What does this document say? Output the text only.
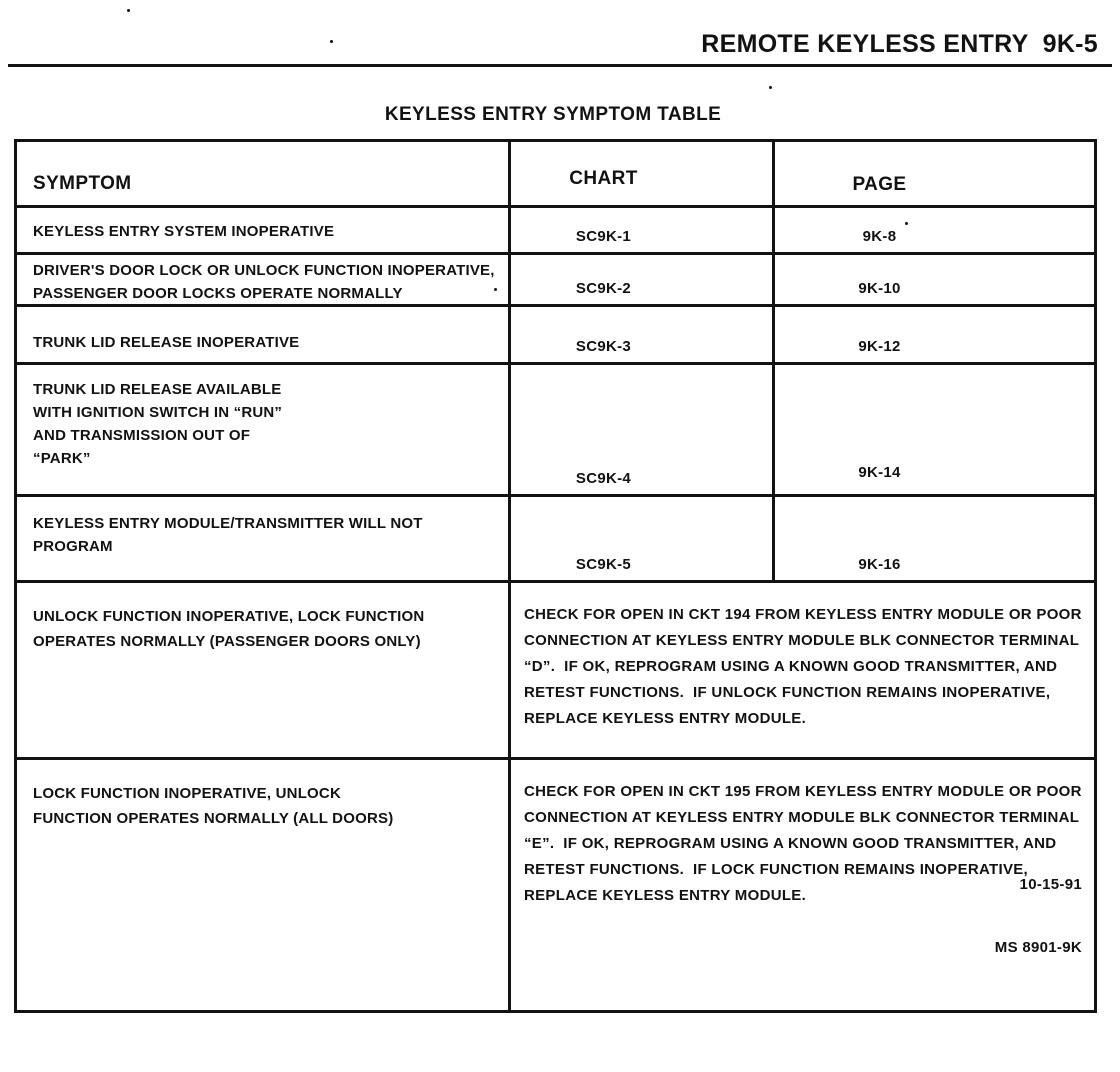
REMOTE KEYLESS ENTRY  9K-5
KEYLESS ENTRY SYMPTOM TABLE
SYMPTOM	CHART	PAGE
KEYLESS ENTRY SYSTEM INOPERATIVE	SC9K-1	9K-8
DRIVER'S DOOR LOCK OR UNLOCK FUNCTION INOPERATIVE,
PASSENGER DOOR LOCKS OPERATE NORMALLY	SC9K-2	9K-10
TRUNK LID RELEASE INOPERATIVE	SC9K-3	9K-12
TRUNK LID RELEASE AVAILABLE
WITH IGNITION SWITCH IN “RUN”
AND TRANSMISSION OUT OF
“PARK”
SC9K-4	9K-14
KEYLESS ENTRY MODULE/TRANSMITTER WILL NOT
PROGRAM
SC9K-5	9K-16
UNLOCK FUNCTION INOPERATIVE, LOCK FUNCTION
OPERATES NORMALLY (PASSENGER DOORS ONLY)
CHECK FOR OPEN IN CKT 194 FROM KEYLESS ENTRY MODULE OR POOR
CONNECTION AT KEYLESS ENTRY MODULE BLK CONNECTOR TERMINAL
“D”.  IF OK, REPROGRAM USING A KNOWN GOOD TRANSMITTER, AND
RETEST FUNCTIONS.  IF UNLOCK FUNCTION REMAINS INOPERATIVE,
REPLACE KEYLESS ENTRY MODULE.
LOCK FUNCTION INOPERATIVE, UNLOCK
FUNCTION OPERATES NORMALLY (ALL DOORS)
CHECK FOR OPEN IN CKT 195 FROM KEYLESS ENTRY MODULE OR POOR
CONNECTION AT KEYLESS ENTRY MODULE BLK CONNECTOR TERMINAL
“E”.  IF OK, REPROGRAM USING A KNOWN GOOD TRANSMITTER, AND
RETEST FUNCTIONS.  IF LOCK FUNCTION REMAINS INOPERATIVE,
REPLACE KEYLESS ENTRY MODULE.

10-15-91

MS 8901-9K
